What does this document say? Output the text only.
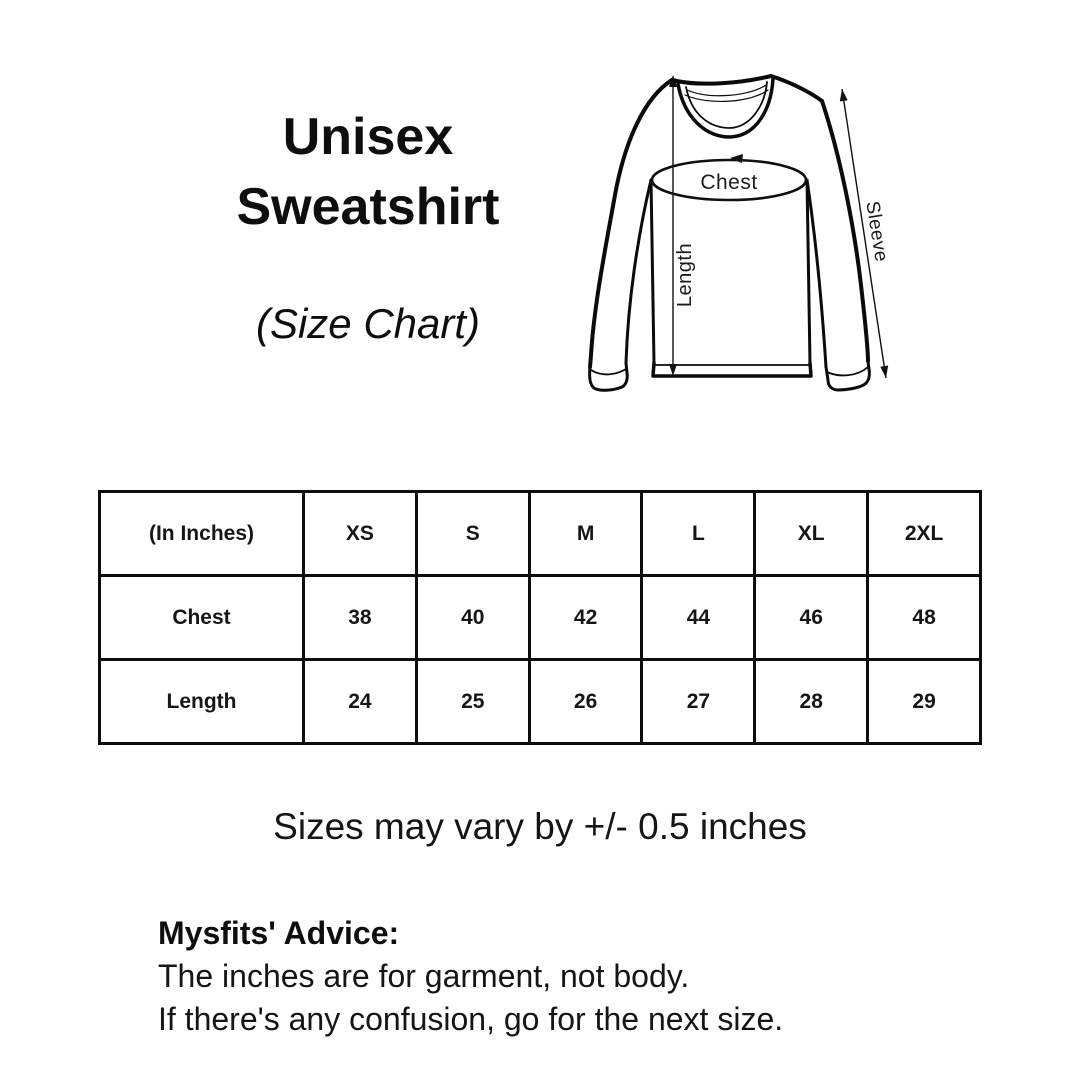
Unisex
Sweatshirt
(Size Chart)
Chest
Length
Sleeve
(In Inches)	XS	S	M	L	XL	2XL
Chest	38	40	42	44	46	48
Length	24	25	26	27	28	29
Sizes may vary by +/- 0.5 inches
Mysfits' Advice:
The inches are for garment, not body.
If there's any confusion, go for the next size.
